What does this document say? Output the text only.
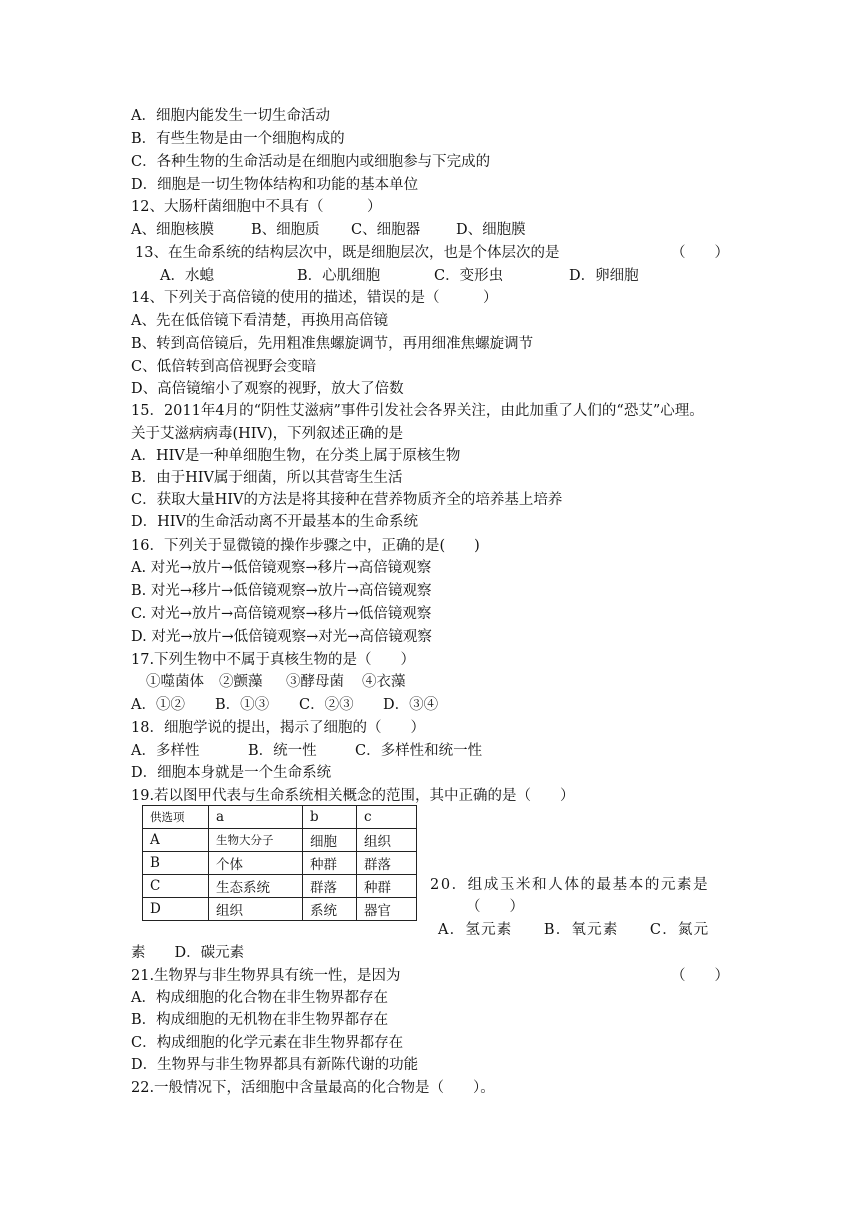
A．细胞内能发生一切生命活动
B．有些生物是由一个细胞构成的
C．各种生物的生命活动是在细胞内或细胞参与下完成的
D．细胞是一切生物体结构和功能的基本单位
12、大肠杆菌细胞中不具有（　　　）
A、细胞核膜	B、细胞质 C、细胞器 D、细胞膜
13、在生命系统的结构层次中，既是细胞层次，也是个体层次的是	（　　）
A．水螅	B．心肌细胞	C．变形虫	D．卵细胞
14、下列关于高倍镜的使用的描述，错误的是（　　　）
A、先在低倍镜下看清楚，再换用高倍镜
B、转到高倍镜后，先用粗准焦螺旋调节，再用细准焦螺旋调节
C、低倍转到高倍视野会变暗
D、高倍镜缩小了观察的视野，放大了倍数
15．2011年4月的“阴性艾滋病”事件引发社会各界关注，由此加重了人们的“恐艾”心理。
关于艾滋病病毒(HIV)，下列叙述正确的是
A．HIV是一种单细胞生物，在分类上属于原核生物
B．由于HIV属于细菌，所以其营寄生生活
C．获取大量HIV的方法是将其接种在营养物质齐全的培养基上培养
D．HIV的生命活动离不开最基本的生命系统
16．下列关于显微镜的操作步骤之中，正确的是(　　)
A. 对光→放片→低倍镜观察→移片→高倍镜观察
B. 对光→移片→低倍镜观察→放片→高倍镜观察
C. 对光→放片→高倍镜观察→移片→低倍镜观察
D. 对光→放片→低倍镜观察→对光→高倍镜观察
17.下列生物中不属于真核生物的是（　　）
①噬菌体 ②颤藻 ③酵母菌 ④衣藻
A．①② B．①③ C．②③ D．③④
18．细胞学说的提出，揭示了细胞的（　　）
A．多样性	B．统一性	C．多样性和统一性
D．细胞本身就是一个生命系统
19.若以图甲代表与生命系统相关概念的范围，其中正确的是（　　）
供选项	a	b	c
A	生物大分子	细胞	组织
B	个体	种群	群落
C	生态系统	群落	种群
D	组织	系统	器官
20．组成玉米和人体的最基本的元素是
（　　）
A．氢元素　　B．氧元素　　C．氮元
素　　D．碳元素
21.生物界与非生物界具有统一性，是因为	（　　）
A．构成细胞的化合物在非生物界都存在
B．构成细胞的无机物在非生物界都存在
C．构成细胞的化学元素在非生物界都存在
D．生物界与非生物界都具有新陈代谢的功能
22.一般情况下，活细胞中含量最高的化合物是（　　）。
